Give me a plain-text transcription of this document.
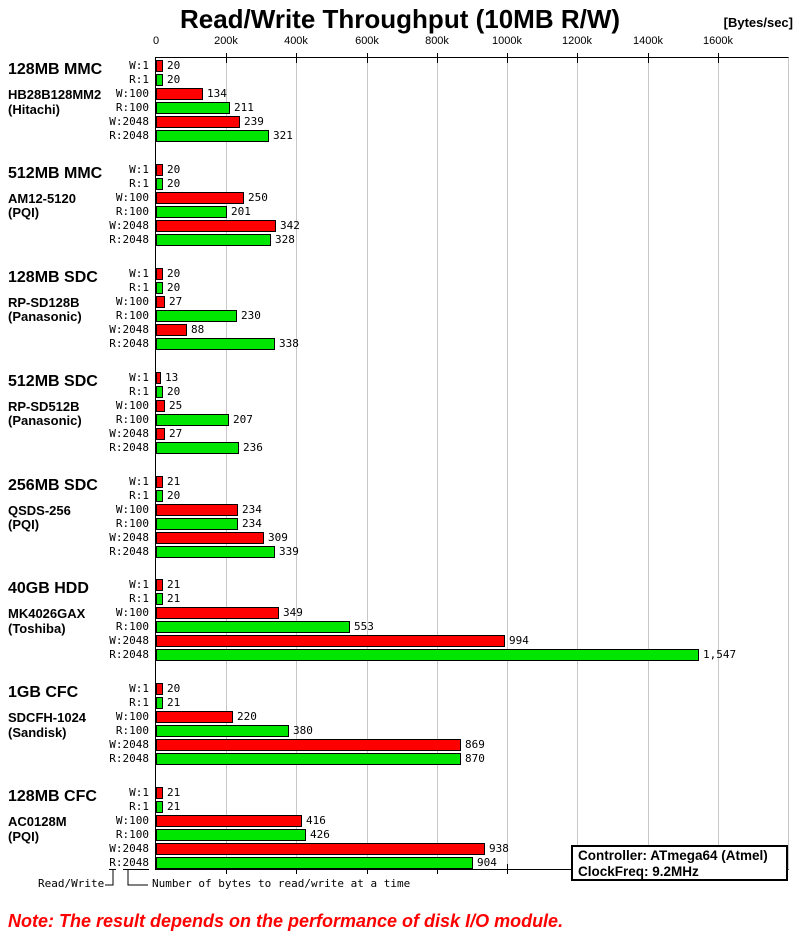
Read/Write Throughput (10MB R/W)	[Bytes/sec]
0	200k	400k	600k	800k	1000k	1200k	1400k	1600k
128MB MMC
HB28B128MM2
(Hitachi)
W:1	20
R:1	20
W:100	134
R:100	211
W:2048	239
R:2048	321
512MB MMC
AM12-5120
(PQI)
W:1	20
R:1	20
W:100	250
R:100	201
W:2048	342
R:2048	328
128MB SDC
RP-SD128B
(Panasonic)
W:1	20
R:1	20
W:100	27
R:100	230
W:2048	88
R:2048	338
512MB SDC
RP-SD512B
(Panasonic)
W:1	13
R:1	20
W:100	25
R:100	207
W:2048	27
R:2048	236
256MB SDC
QSDS-256
(PQI)
W:1	21
R:1	20
W:100	234
R:100	234
W:2048	309
R:2048	339
40GB HDD
MK4026GAX
(Toshiba)
W:1	21
R:1	21
W:100	349
R:100	553
W:2048	994
R:2048	1,547
1GB CFC
SDCFH-1024
(Sandisk)
W:1	20
R:1	21
W:100	220
R:100	380
W:2048	869
R:2048	870
128MB CFC
AC0128M
(PQI)
W:1	21
R:1	21
W:100	416
R:100	426
W:2048	938
R:2048	904
Read/Write	Number of bytes to read/write at a time
Controller: ATmega64 (Atmel)
ClockFreq: 9.2MHz
Note: The result depends on the performance of disk I/O module.
